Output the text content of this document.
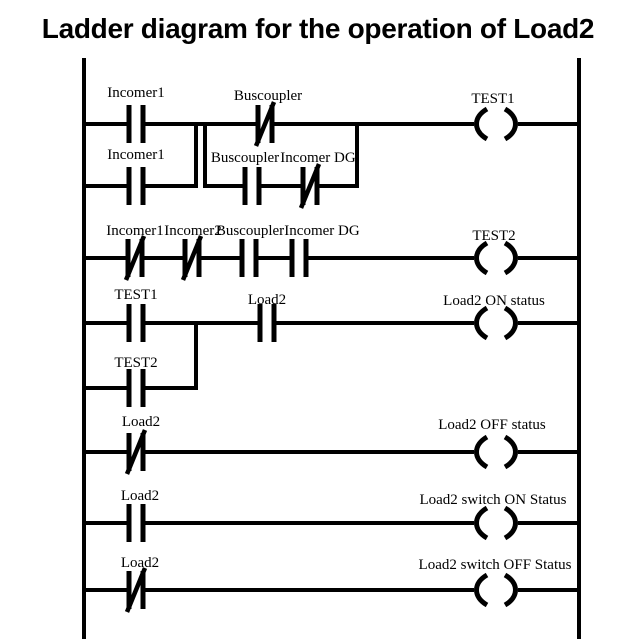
Ladder diagram for the operation of Load2
Incomer1	Buscoupler
Incomer1	Buscoupler Incomer DG
TEST1
Incomer1 Incomer2
Buscoupler Incomer DG	TEST2
TEST1	Load2
TEST2
Load2 ON status
Load2	Load2 OFF status
Load2	Load2 switch ON Status
Load2	Load2 switch OFF Status
